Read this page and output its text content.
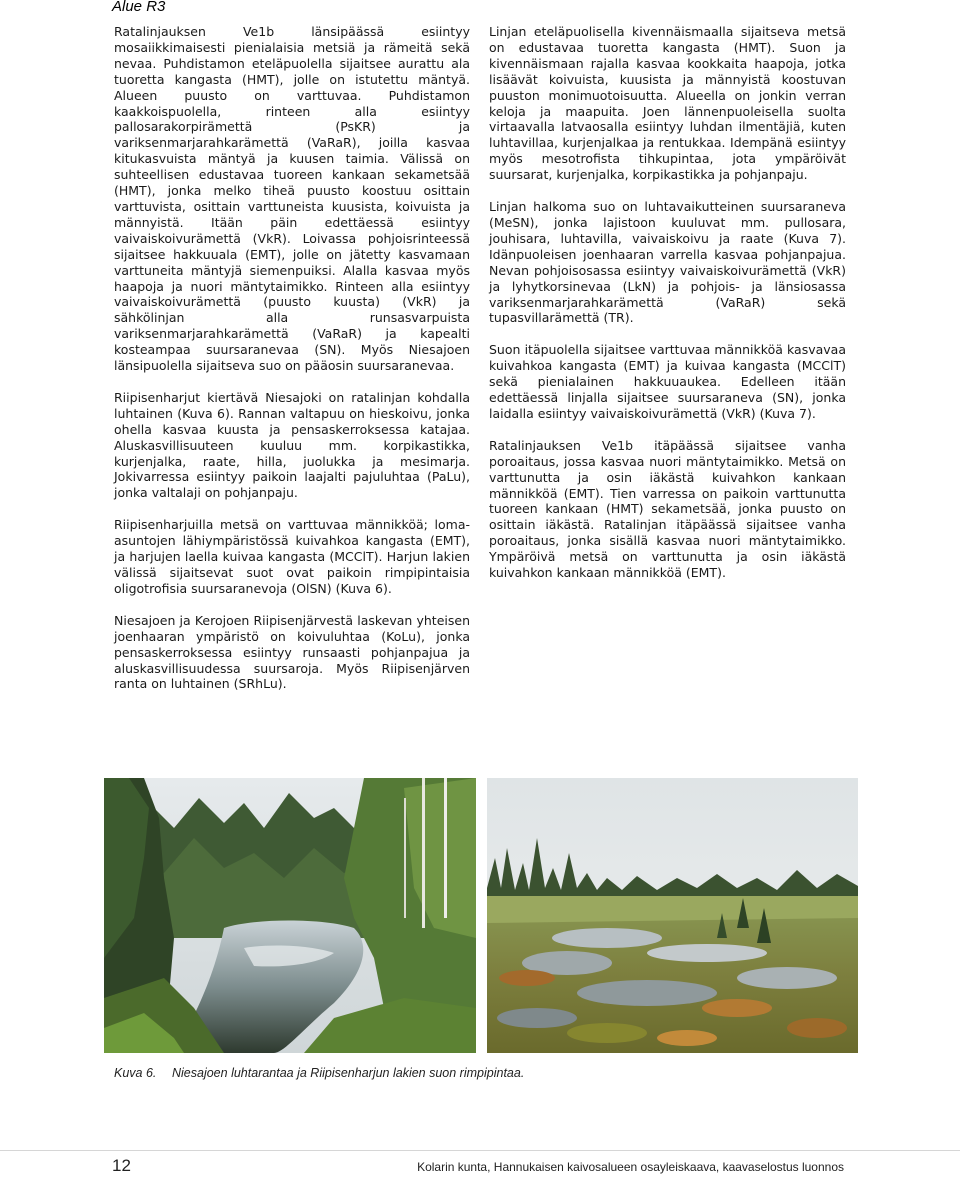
Alue R3

Ratalinjauksen Ve1b länsipäässä esiintyy mosaiikkimaisesti pienialaisia metsiä ja rämeitä sekä nevaa. Puhdistamon eteläpuolella sijaitsee aurattu ala tuoretta kangasta (HMT), jolle on istutettu mäntyä. Alueen puusto on varttuvaa. Puhdistamon kaakkoispuolella, rinteen alla esiintyy pallosarakorpirämettä (PsKR) ja variksenmarjarahkarämettä (VaRaR), joilla kasvaa kitukasvuista mäntyä ja kuusen taimia. Välissä on suhteellisen edustavaa tuoreen kankaan sekametsää (HMT), jonka melko tiheä puusto koostuu osittain varttuvista, osittain varttuneista kuusista, koivuista ja männyistä. Itään päin edettäessä esiintyy vaivaiskoivurämettä (VkR). Loivassa pohjoisrinteessä sijaitsee hakkuuala (EMT), jolle on jätetty kasvamaan varttuneita mäntyjä siemenpuiksi. Alalla kasvaa myös haapoja ja nuori mäntytaimikko. Rinteen alla esiintyy vaivaiskoivurämettä (puusto kuusta) (VkR) ja sähkölinjan alla runsasvarpuista variksenmarjarahkarämettä (VaRaR) ja kapealti kosteampaa suursaranevaa (SN). Myös Niesajoen länsipuolella sijaitseva suo on pääosin suursaranevaa.

Riipisenharjut kiertävä Niesajoki on ratalinjan kohdalla luhtainen (Kuva 6). Rannan valtapuu on hieskoivu, jonka ohella kasvaa kuusta ja pensaskerroksessa katajaa. Aluskasvillisuuteen kuuluu mm. korpikastikka, kurjenjalka, raate, hilla, juolukka ja mesimarja. Jokivarressa esiintyy paikoin laajalti pajuluhtaa (PaLu), jonka valtalaji on pohjanpaju.

Riipisenharjuilla metsä on varttuvaa männikköä; loma-asuntojen lähiympäristössä kuivahkoa kangasta (EMT), ja harjujen laella kuivaa kangasta (MCClT). Harjun lakien välissä sijaitsevat suot ovat paikoin rimpipintaisia oligotrofisia suursaranevoja (OlSN) (Kuva 6).

Niesajoen ja Kerojoen Riipisenjärvestä laskevan yhteisen joenhaaran ympäristö on koivuluhtaa (KoLu), jonka pensaskerroksessa esiintyy runsaasti pohjanpajua ja aluskasvillisuudessa suursaroja. Myös Riipisenjärven ranta on luhtainen (SRhLu).

Linjan eteläpuolisella kivennäismaalla sijaitseva metsä on edustavaa tuoretta kangasta (HMT). Suon ja kivennäismaan rajalla kasvaa kookkaita haapoja, jotka lisäävät koivuista, kuusista ja männyistä koostuvan puuston monimuotoisuutta. Alueella on jonkin verran keloja ja maapuita. Joen lännenpuoleisella suolta virtaavalla latvaosalla esiintyy luhdan ilmentäjiä, kuten luhtavillaa, kurjenjalkaa ja rentukkaa. Idempänä esiintyy myös mesotrofista tihkupintaa, jota ympäröivät suursarat, kurjenjalka, korpikastikka ja pohjanpaju.

Linjan halkoma suo on luhtavaikutteinen suursaraneva (MeSN), jonka lajistoon kuuluvat mm. pullosara, jouhisara, luhtavilla, vaivaiskoivu ja raate (Kuva 7). Idänpuoleisen joenhaaran varrella kasvaa pohjanpajua. Nevan pohjoisosassa esiintyy vaivaiskoivurämettä (VkR) ja lyhytkorsinevaa (LkN) ja pohjois- ja länsiosassa variksenmarjarahkarämettä (VaRaR) sekä tupasvillarämettä (TR).

Suon itäpuolella sijaitsee varttuvaa männikköä kasvavaa kuivahkoa kangasta (EMT) ja kuivaa kangasta (MCClT) sekä pienialainen hakkuuaukea. Edelleen itään edettäessä linjalla sijaitsee suursaraneva (SN), jonka laidalla esiintyy vaivaiskoivurämettä (VkR) (Kuva 7).

Ratalinjauksen Ve1b itäpäässä sijaitsee vanha poroaitaus, jossa kasvaa nuori mäntytaimikko. Metsä on varttunutta ja osin iäkästä kuivahkon kankaan männikköä (EMT). Tien varressa on paikoin varttunutta tuoreen kankaan (HMT) sekametsää, jonka puusto on osittain iäkästä. Ratalinjan itäpäässä sijaitsee vanha poroaitaus, jonka sisällä kasvaa nuori mäntytaimikko. Ympäröivä metsä on varttunutta ja osin iäkästä kuivahkon kankaan männikköä (EMT).

Kuva 6. Niesajoen luhtarantaa ja Riipisenharjun lakien suon rimpipintaa.
12	Kolarin kunta, Hannukaisen kaivosalueen osayleiskaava, kaavaselostus luonnos
